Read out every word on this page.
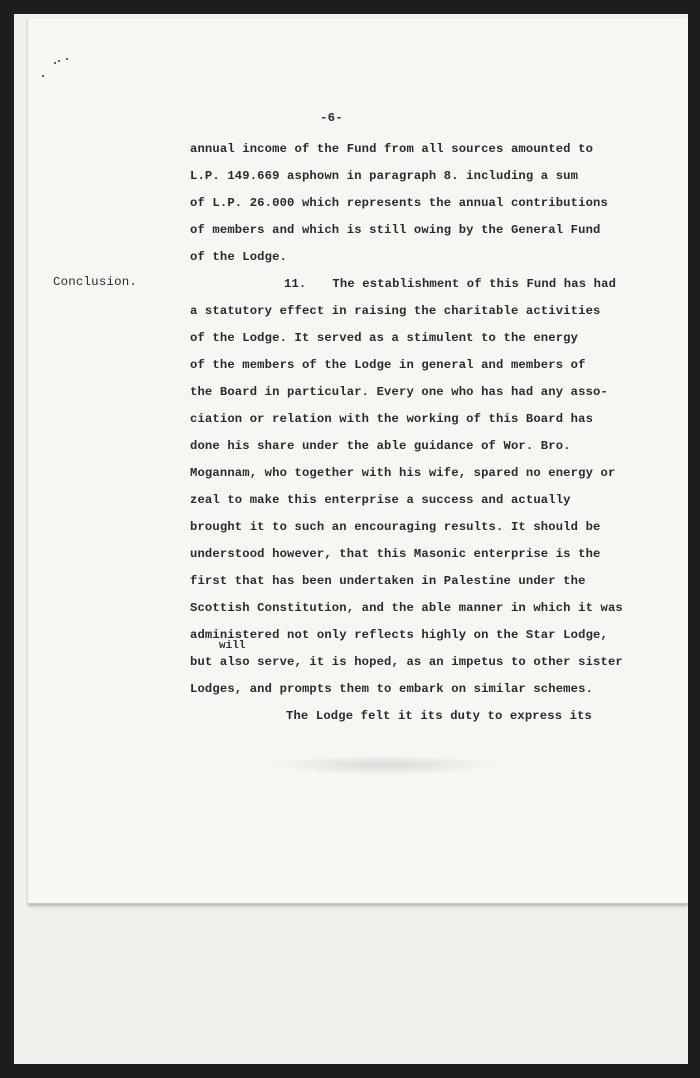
-6-
Conclusion.
annual income of the Fund from all sources amounted to
L.P. 149.669 asphown in paragraph 8. including a sum
of L.P. 26.000 which represents the annual contributions
of members and which is still owing by the General Fund
of the Lodge.
11. The establishment of this Fund has had
a statutory effect in raising the charitable activities
of the Lodge. It served as a stimulent to the energy
of the members of the Lodge in general and members of
the Board in particular. Every one who has had any asso-
ciation or relation with the working of this Board has
done his share under the able guidance of Wor. Bro.
Mogannam, who together with his wife, spared no energy or
zeal to make this enterprise a success and actually
brought it to such an encouraging results. It should be
understood however, that this Masonic enterprise is the
first that has been undertaken in Palestine under the
Scottish Constitution, and the able manner in which it was
administered not only reflects highly on the Star Lodge,
but also serve, it is hoped, as an impetus to other sister
Lodges, and prompts them to embark on similar schemes.
The Lodge felt it its duty to express its
will
